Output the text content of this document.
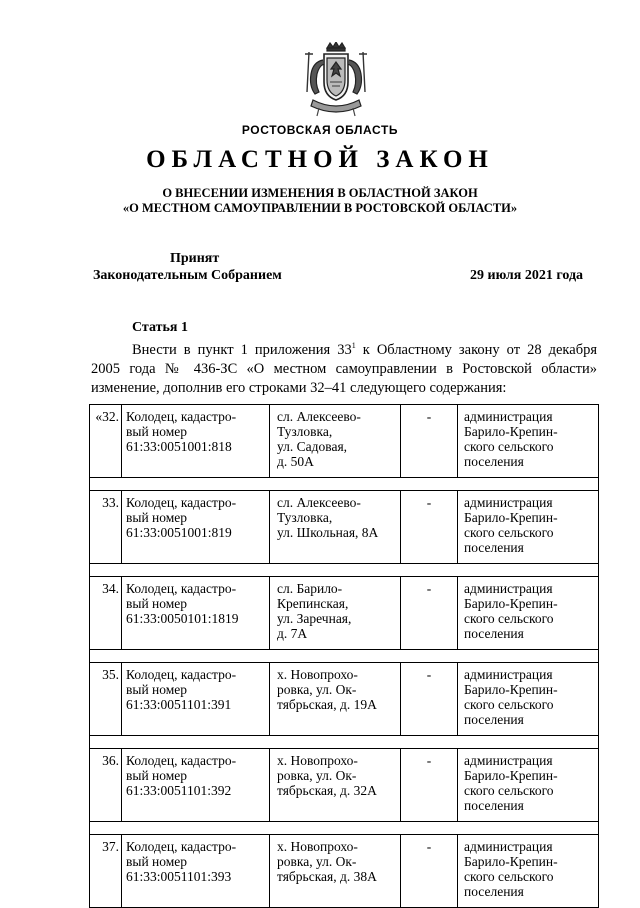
РОСТОВСКАЯ ОБЛАСТЬ
ОБЛАСТНОЙ ЗАКОН
О ВНЕСЕНИИ ИЗМЕНЕНИЯ В ОБЛАСТНОЙ ЗАКОН
«О МЕСТНОМ САМОУПРАВЛЕНИИ В РОСТОВСКОЙ ОБЛАСТИ»
Принят
Законодательным Собранием	29 июля 2021 года
Статья 1
Внести в пункт 1 приложения $33^1$ к Областному закону от 28 декабря
2005 года № 436-ЗС «О местном самоуправлении в Ростовской области»
изменение, дополнив его строками 32–41 следующего содержания:
«32.	Колодец, кадастро-
вый номер
61:33:0051001:818	сл. Алексеево-
Тузловка,
ул. Садовая,
д. 50А	-	администрация
Барило-Крепин-
ского сельского
поселения

33.	Колодец, кадастро-
вый номер
61:33:0051001:819	сл. Алексеево-
Тузловка,
ул. Школьная, 8А	-	администрация
Барило-Крепин-
ского сельского
поселения

34.	Колодец, кадастро-
вый номер
61:33:0050101:1819	сл. Барило-
Крепинская,
ул. Заречная,
д. 7А	-	администрация
Барило-Крепин-
ского сельского
поселения

35.	Колодец, кадастро-
вый номер
61:33:0051101:391	х. Новопрохо-
ровка, ул. Ок-
тябрьская, д. 19А	-	администрация
Барило-Крепин-
ского сельского
поселения

36.	Колодец, кадастро-
вый номер
61:33:0051101:392	х. Новопрохо-
ровка, ул. Ок-
тябрьская, д. 32А	-	администрация
Барило-Крепин-
ского сельского
поселения

37.	Колодец, кадастро-
вый номер
61:33:0051101:393	х. Новопрохо-
ровка, ул. Ок-
тябрьская, д. 38А	-	администрация
Барило-Крепин-
ского сельского
поселения
